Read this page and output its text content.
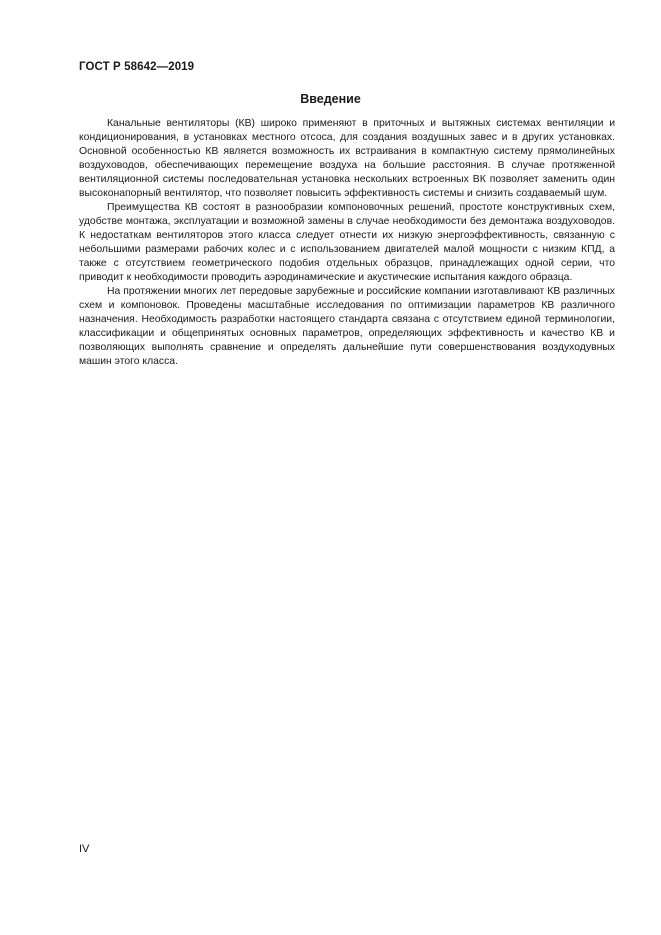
ГОСТ Р 58642—2019
Введение

Канальные вентиляторы (КВ) широко применяют в приточных и вытяжных системах вентиляции и кондиционирования, в установках местного отсоса, для создания воздушных завес и в других установках. Основной особенностью КВ является возможность их встраивания в компактную систему прямолинейных воздуховодов, обеспечивающих перемещение воздуха на большие расстояния. В случае протяженной вентиляционной системы последовательная установка нескольких встроенных ВК позволяет заменить один высоконапорный вентилятор, что позволяет повысить эффективность системы и снизить создаваемый шум.

Преимущества КВ состоят в разнообразии компоновочных решений, простоте конструктивных схем, удобстве монтажа, эксплуатации и возможной замены в случае необходимости без демонтажа воздуховодов. К недостаткам вентиляторов этого класса следует отнести их низкую энергоэффективность, связанную с небольшими размерами рабочих колес и с использованием двигателей малой мощности с низким КПД, а также с отсутствием геометрического подобия отдельных образцов, принадлежащих одной серии, что приводит к необходимости проводить аэродинамические и акустические испытания каждого образца.

На протяжении многих лет передовые зарубежные и российские компании изготавливают КВ различных схем и компоновок. Проведены масштабные исследования по оптимизации параметров КВ различного назначения. Необходимость разработки настоящего стандарта связана с отсутствием единой терминологии, классификации и общепринятых основных параметров, определяющих эффективность и качество КВ и позволяющих выполнять сравнение и определять дальнейшие пути совершенствования воздуходувных машин этого класса.

IV
